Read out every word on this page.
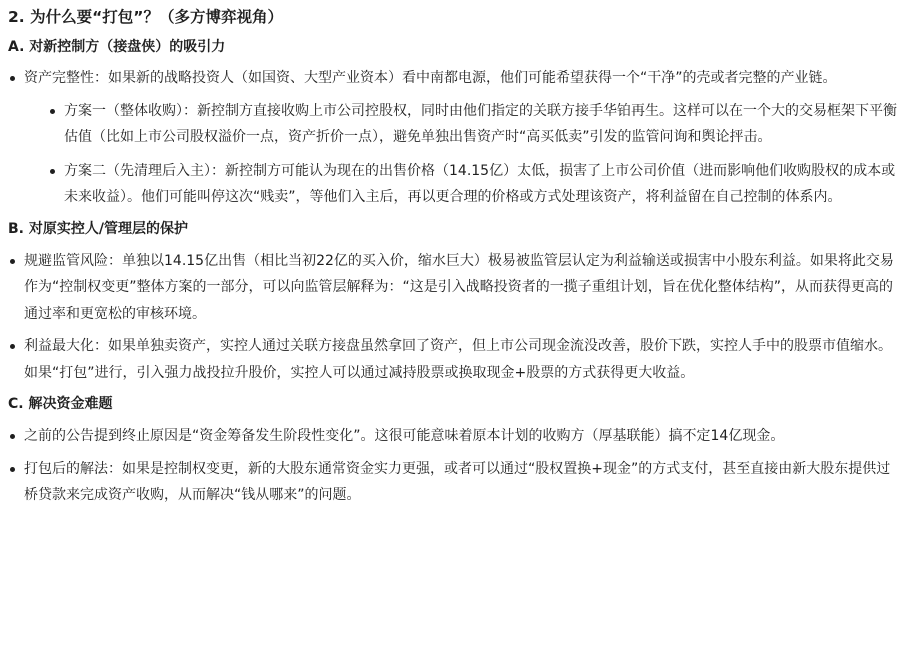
2. 为什么要“打包”？（多方博弈视角）
A. 对新控制方（接盘侠）的吸引力
资产完整性：如果新的战略投资人（如国资、大型产业资本）看中南都电源，他们可能希望获得一个“干净”的壳或者完整的产业链。
方案一（整体收购）：新控制方直接收购上市公司控股权，同时由他们指定的关联方接手华铂再生。这样可以在一个大的交易框架下平衡估值（比如上市公司股权溢价一点，资产折价一点），避免单独出售资产时“高买低卖”引发的监管问询和舆论抨击。
方案二（先清理后入主）：新控制方可能认为现在的出售价格（14.15亿）太低，损害了上市公司价值（进而影响他们收购股权的成本或未来收益）。他们可能叫停这次“贱卖”，等他们入主后，再以更合理的价格或方式处理该资产，将利益留在自己控制的体系内。
B. 对原实控人/管理层的保护
规避监管风险：单独以14.15亿出售（相比当初22亿的买入价，缩水巨大）极易被监管层认定为利益输送或损害中小股东利益。如果将此交易作为“控制权变更”整体方案的一部分，可以向监管层解释为：“这是引入战略投资者的一揽子重组计划，旨在优化整体结构”，从而获得更高的通过率和更宽松的审核环境。
利益最大化：如果单独卖资产，实控人通过关联方接盘虽然拿回了资产，但上市公司现金流没改善，股价下跌，实控人手中的股票市值缩水。如果“打包”进行，引入强力战投拉升股价，实控人可以通过减持股票或换取现金+股票的方式获得更大收益。
C. 解决资金难题
之前的公告提到终止原因是“资金筹备发生阶段性变化”。这很可能意味着原本计划的收购方（厚基联能）搞不定14亿现金。
打包后的解法：如果是控制权变更，新的大股东通常资金实力更强，或者可以通过“股权置换+现金”的方式支付，甚至直接由新大股东提供过桥贷款来完成资产收购，从而解决“钱从哪来”的问题。
